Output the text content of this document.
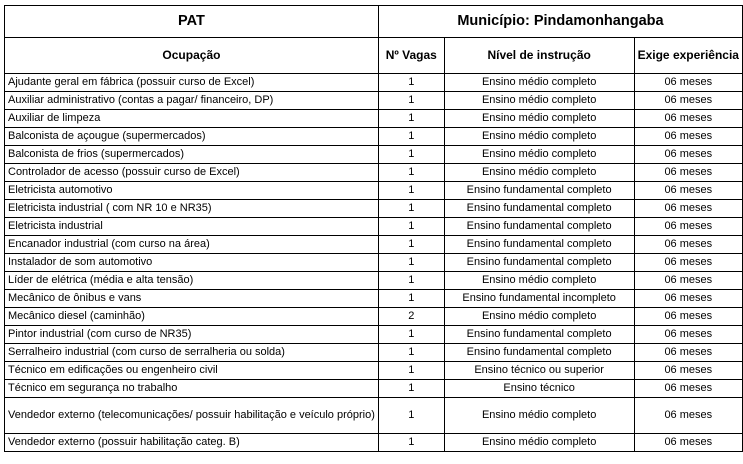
PAT	Município: Pindamonhangaba		
Ocupação	Nº Vagas	Nível de instrução	Exige experiência
Ajudante geral em fábrica (possuir curso de Excel)	1	Ensino médio completo	06 meses
Auxiliar administrativo (contas a pagar/ financeiro, DP)	1	Ensino médio completo	06 meses
Auxiliar de limpeza	1	Ensino médio completo	06 meses
Balconista de açougue (supermercados)	1	Ensino médio completo	06 meses
Balconista de frios (supermercados)	1	Ensino médio completo	06 meses
Controlador de acesso (possuir curso de Excel)	1	Ensino médio completo	06 meses
Eletricista automotivo	1	Ensino fundamental completo	06 meses
Eletricista industrial ( com NR 10 e NR35)	1	Ensino fundamental completo	06 meses
Eletricista industrial	1	Ensino fundamental completo	06 meses
Encanador industrial (com curso na área)	1	Ensino fundamental completo	06 meses
Instalador de som automotivo	1	Ensino fundamental completo	06 meses
Líder de elétrica (média e alta tensão)	1	Ensino médio completo	06 meses
Mecânico de ônibus e vans	1	Ensino fundamental incompleto	06 meses
Mecânico diesel (caminhão)	2	Ensino médio completo	06 meses
Pintor industrial (com curso de NR35)	1	Ensino fundamental completo	06 meses
Serralheiro industrial (com curso de serralheria ou solda)	1	Ensino fundamental completo	06 meses
Técnico em edificações ou engenheiro civil	1	Ensino técnico ou superior	06 meses
Técnico em segurança no trabalho	1	Ensino técnico	06 meses
Vendedor externo (telecomunicações/ possuir habilitação e veículo próprio)	1	Ensino médio completo	06 meses
Vendedor externo (possuir habilitação categ. B)	1	Ensino médio completo	06 meses
